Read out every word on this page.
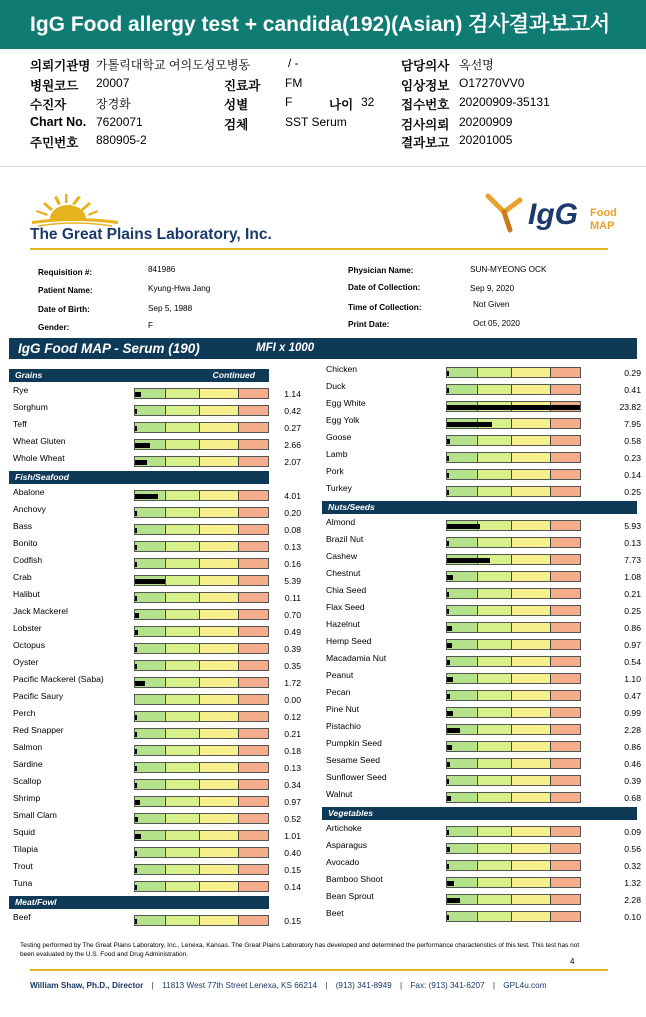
IgG Food allergy test + candida(192)(Asian) 검사결과보고서
의뢰기관명 가톨릭대학교 여의도성모병동	/ -
병원코드 20007
수진자 장경화
Chart No. 7620071
주민번호 880905-2
진료과 FM
성별	F	나이 32
검체	SST Serum
담당의사 옥선명
임상정보 O17270VV0
접수번호 20200909-35131
검사의뢰 20200909
결과보고 20201005
The Great Plains Laboratory, Inc.
IgG Food
MAP
Requisition #:	841986
Patient Name:	Kyung-Hwa Jang
Date of Birth:	Sep 5, 1988
Gender:	F
Physician Name:	SUN-MYEONG OCK
Date of Collection:	Sep 9, 2020
Time of Collection:	Not Given
Print Date:	Oct 05, 2020
IgG Food MAP - Serum (190)	MFI x 1000
Grains	Continued
Rye	1.14
Sorghum	0.42
Teff	0.27
Wheat Gluten	2.66
Whole Wheat	2.07
Fish/Seafood
Abalone	4.01
Anchovy	0.20
Bass	0.08
Bonito	0.13
Codfish	0.16
Crab	5.39
Halibut	0.11
Jack Mackerel	0.70
Lobster	0.49
Octopus	0.39
Oyster	0.35
Pacific Mackerel (Saba)	1.72
Pacific Saury	0.00
Perch	0.12
Red Snapper	0.21
Salmon	0.18
Sardine	0.13
Scallop	0.34
Shrimp	0.97
Small Clam	0.52
Squid	1.01
Tilapia	0.40
Trout	0.15
Tuna	0.14
Meat/Fowl
Beef	0.15
Chicken	0.29
Duck	0.41
Egg White	23.82
Egg Yolk	7.95
Goose	0.58
Lamb	0.23
Pork	0.14
Turkey	0.25
Nuts/Seeds
Almond	5.93
Brazil Nut	0.13
Cashew	7.73
Chestnut	1.08
Chia Seed	0.21
Flax Seed	0.25
Hazelnut	0.86
Hemp Seed	0.97
Macadamia Nut	0.54
Peanut	1.10
Pecan	0.47
Pine Nut	0.99
Pistachio	2.28
Pumpkin Seed	0.86
Sesame Seed	0.46
Sunflower Seed	0.39
Walnut	0.68
Vegetables
Artichoke	0.09
Asparagus	0.56
Avocado	0.32
Bamboo Shoot	1.32
Bean Sprout	2.28
Beet	0.10
Testing performed by The Great Plains Laboratory, Inc., Lenexa, Kansas. The Great Plains Laboratory has developed and determined the performance characteristics of this test. This test has not been evaluated by the U.S. Food and Drug Administration.
4
William Shaw, Ph.D., Director | 11813 West 77th Street Lenexa, KS 66214 | (913) 341-8949 | Fax: (913) 341-6207 | GPL4u.com
